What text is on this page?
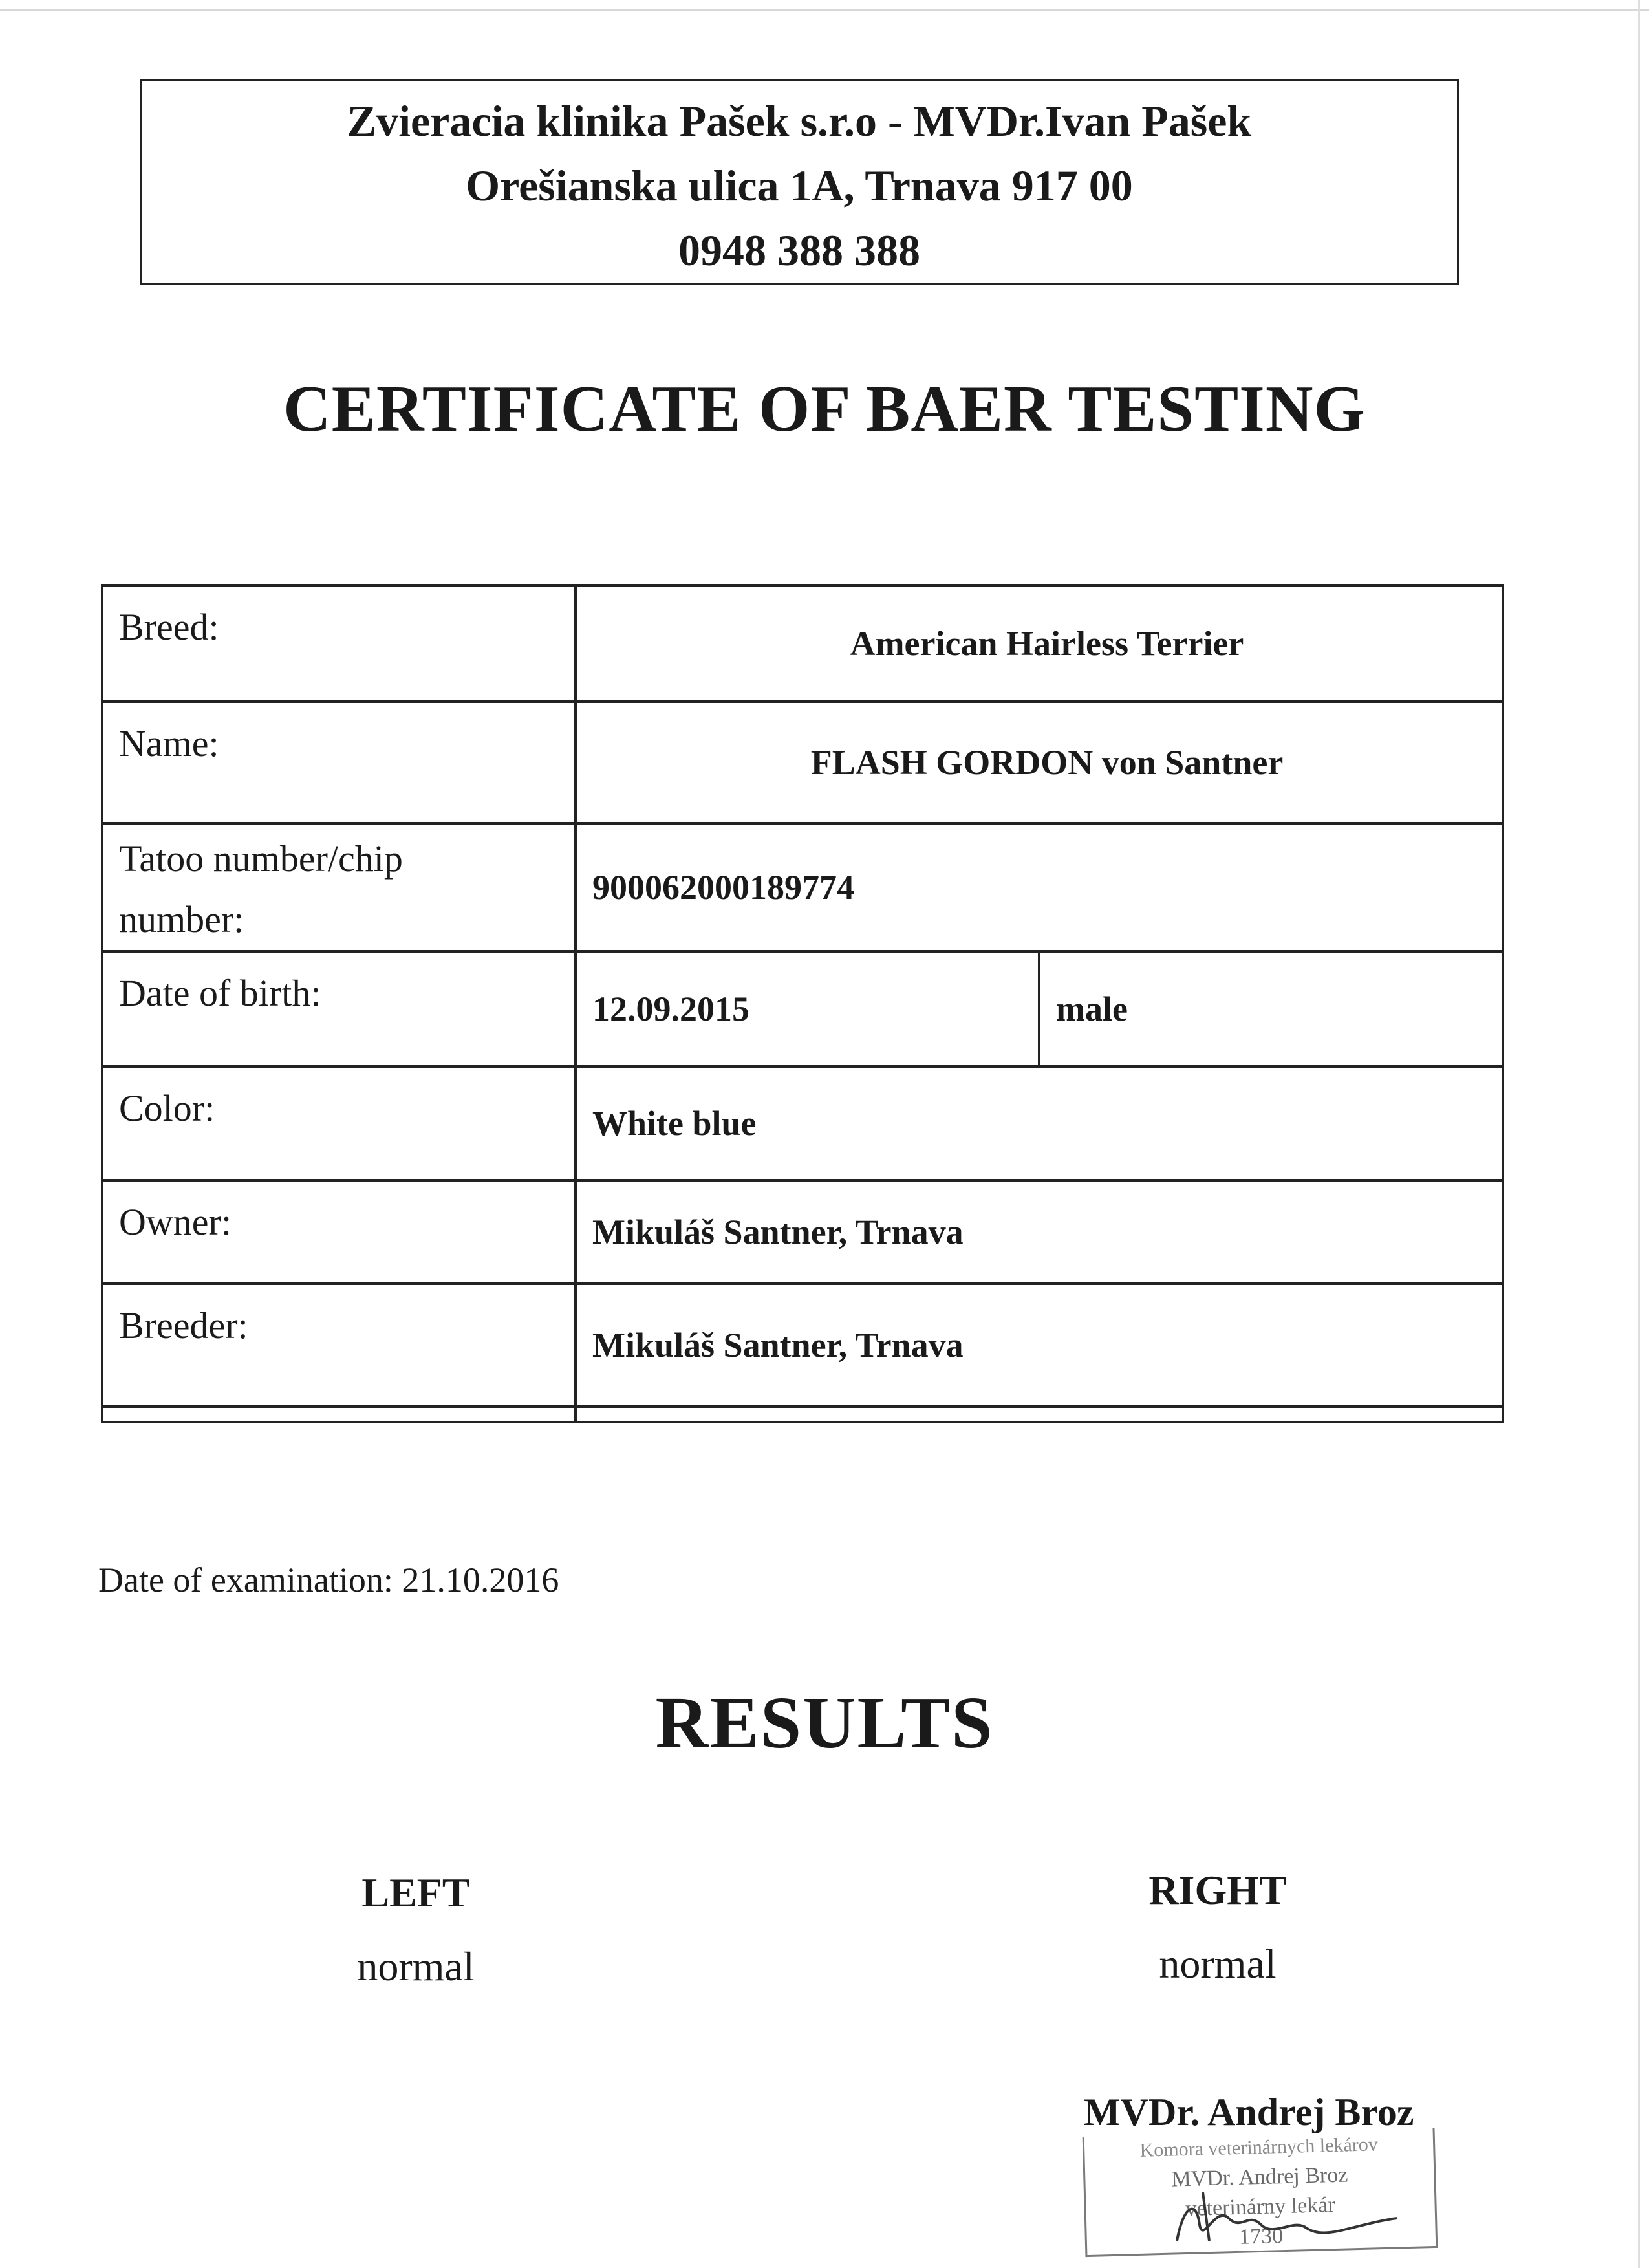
Zvieracia klinika Pašek s.r.o - MVDr.Ivan Pašek
Orešianska ulica 1A, Trnava 917 00
0948 388 388
CERTIFICATE OF BAER TESTING
Breed:	American Hairless Terrier	
Name:	FLASH GORDON von Santner	

Tatoo number/chip
number:	900062000189774	
Date of birth:	12.09.2015	male
Color:	White blue	
Owner:	Mikuláš Santner, Trnava	
Breeder:	Mikuláš Santner, Trnava	

Date of examination: 21.10.2016
RESULTS
LEFT
normal
RIGHT
normal
MVDr. Andrej Broz
Komora veterinárnych lekárov
MVDr. Andrej Broz
veterinárny lekár
1730
